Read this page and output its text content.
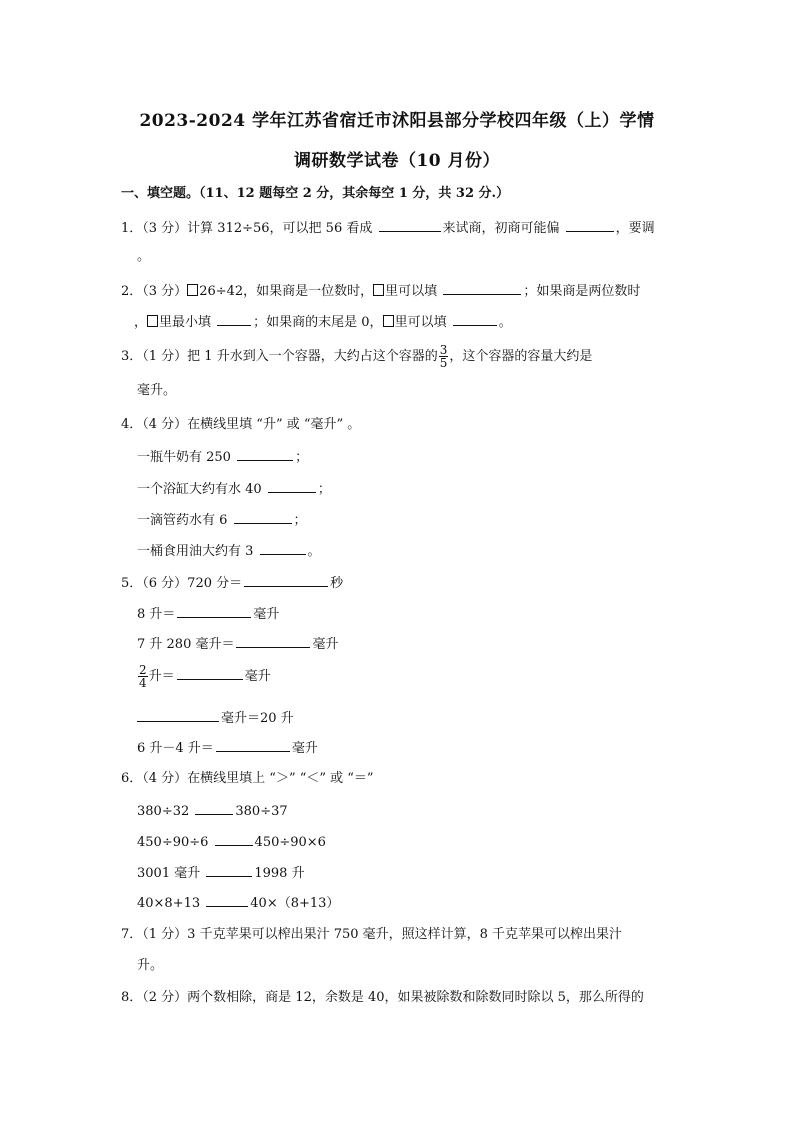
2023-2024 学年江苏省宿迁市沭阳县部分学校四年级（上）学情
调研数学试卷（10 月份）
一、填空题。（11、12 题每空 2 分，其余每空 1 分，共 32 分.）
1．（3 分）计算 312÷56，可以把 56 看成	来试商，初商可能偏	，要调
。
2．（3 分） 26÷42，如果商是一位数时， 里可以填	；如果商是两位数时
， 里最小填	；如果商的末尾是 0， 里可以填	。
3．（1 分）把 1 升水到入一个容器，大约占这个容器的 $\frac{3}{5}$ ，这个容器的容量大约是
毫升。
4．（4 分）在横线里填 “升” 或 “毫升” 。
一瓶牛奶有 250	；
一个浴缸大约有水 40	；
一滴管药水有 6	；
一桶食用油大约有 3	。
5．（6 分）720 分＝	秒
8 升＝	毫升
7 升 280 毫升＝	毫升
$\frac{2}{4}$ 升＝	毫升
毫升＝20 升
6 升－4 升＝	毫升
6．（4 分）在横线里填上 “＞” “＜” 或 “＝”
380÷32	380÷37
450÷90÷6	450÷90×6
3001 毫升	1998 升
40×8+13	40×（8+13）
7．（1 分）3 千克苹果可以榨出果汁 750 毫升，照这样计算，8 千克苹果可以榨出果汁
升。
8．（2 分）两个数相除，商是 12，余数是 40，如果被除数和除数同时除以 5，那么所得的
